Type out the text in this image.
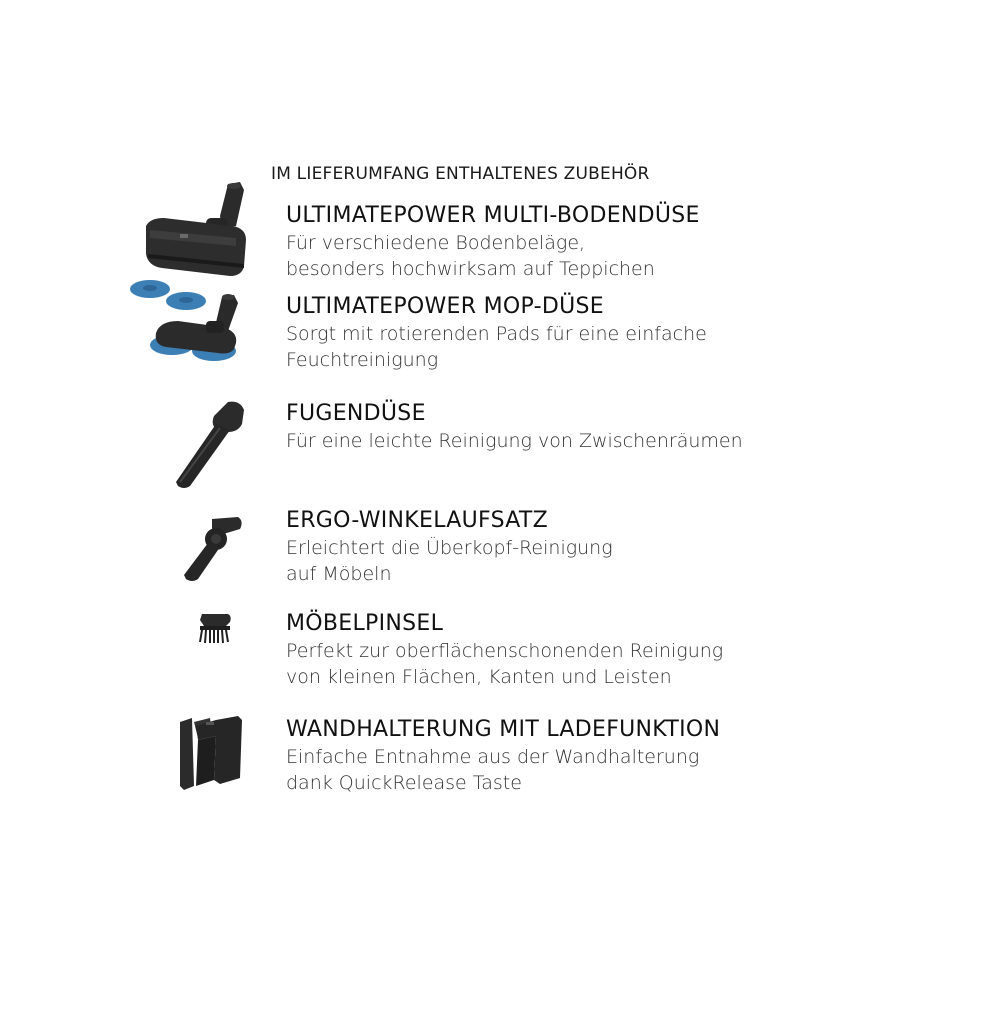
IM LIEFERUMFANG ENTHALTENES ZUBEHÖR
ULTIMATEPOWER MULTI-BODENDÜSE
Für verschiedene Bodenbeläge,
besonders hochwirksam auf Teppichen
ULTIMATEPOWER MOP-DÜSE
Sorgt mit rotierenden Pads für eine einfache
Feuchtreinigung
FUGENDÜSE
Für eine leichte Reinigung von Zwischenräumen
ERGO-WINKELAUFSATZ
Erleichtert die Überkopf-Reinigung
auf Möbeln
MÖBELPINSEL
Perfekt zur oberflächenschonenden Reinigung
von kleinen Flächen, Kanten und Leisten
WANDHALTERUNG MIT LADEFUNKTION
Einfache Entnahme aus der Wandhalterung
dank QuickRelease Taste
